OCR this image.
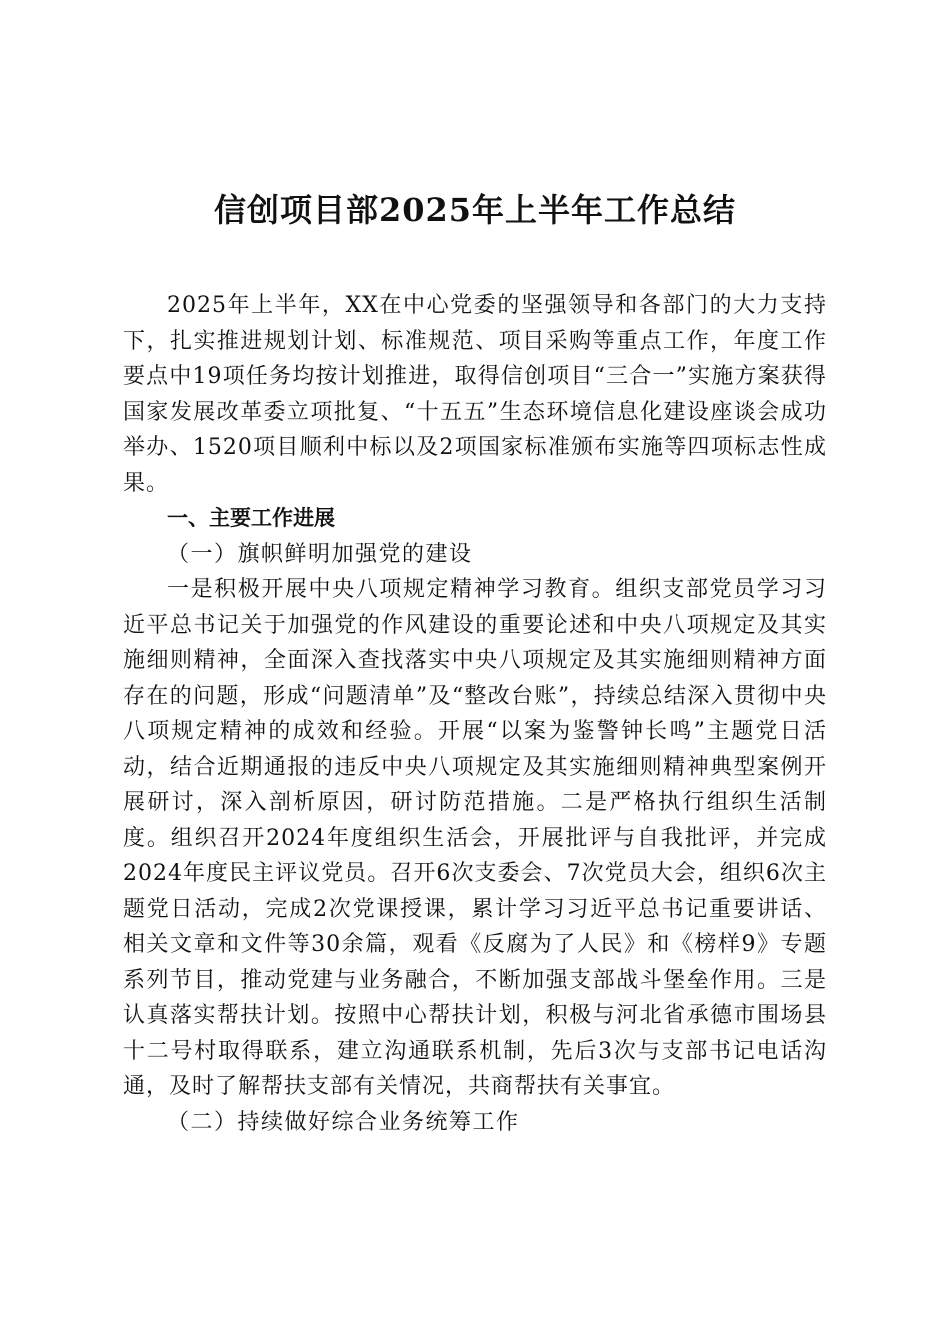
信创项目部2025年上半年工作总结

2025年上半年，XX在中心党委的坚强领导和各部门的大力支持下，扎实推进规划计划、标准规范、项目采购等重点工作，年度工作要点中19项任务均按计划推进，取得信创项目“三合一”实施方案获得国家发展改革委立项批复、“十五五”生态环境信息化建设座谈会成功举办、1520项目顺利中标以及2项国家标准颁布实施等四项标志性成果。

一、主要工作进展

（一）旗帜鲜明加强党的建设

一是积极开展中央八项规定精神学习教育。组织支部党员学习习近平总书记关于加强党的作风建设的重要论述和中央八项规定及其实施细则精神，全面深入查找落实中央八项规定及其实施细则精神方面存在的问题，形成“问题清单”及“整改台账”，持续总结深入贯彻中央八项规定精神的成效和经验。开展“以案为鉴警钟长鸣”主题党日活动，结合近期通报的违反中央八项规定及其实施细则精神典型案例开展研讨，深入剖析原因，研讨防范措施。二是严格执行组织生活制度。组织召开2024年度组织生活会，开展批评与自我批评，并完成2024年度民主评议党员。召开6次支委会、7次党员大会，组织6次主题党日活动，完成2次党课授课，累计学习习近平总书记重要讲话、相关文章和文件等30余篇，观看《反腐为了人民》和《榜样9》专题系列节目，推动党建与业务融合，不断加强支部战斗堡垒作用。三是认真落实帮扶计划。按照中心帮扶计划，积极与河北省承德市围场县十二号村取得联系，建立沟通联系机制，先后3次与支部书记电话沟通，及时了解帮扶支部有关情况，共商帮扶有关事宜。

（二）持续做好综合业务统筹工作
